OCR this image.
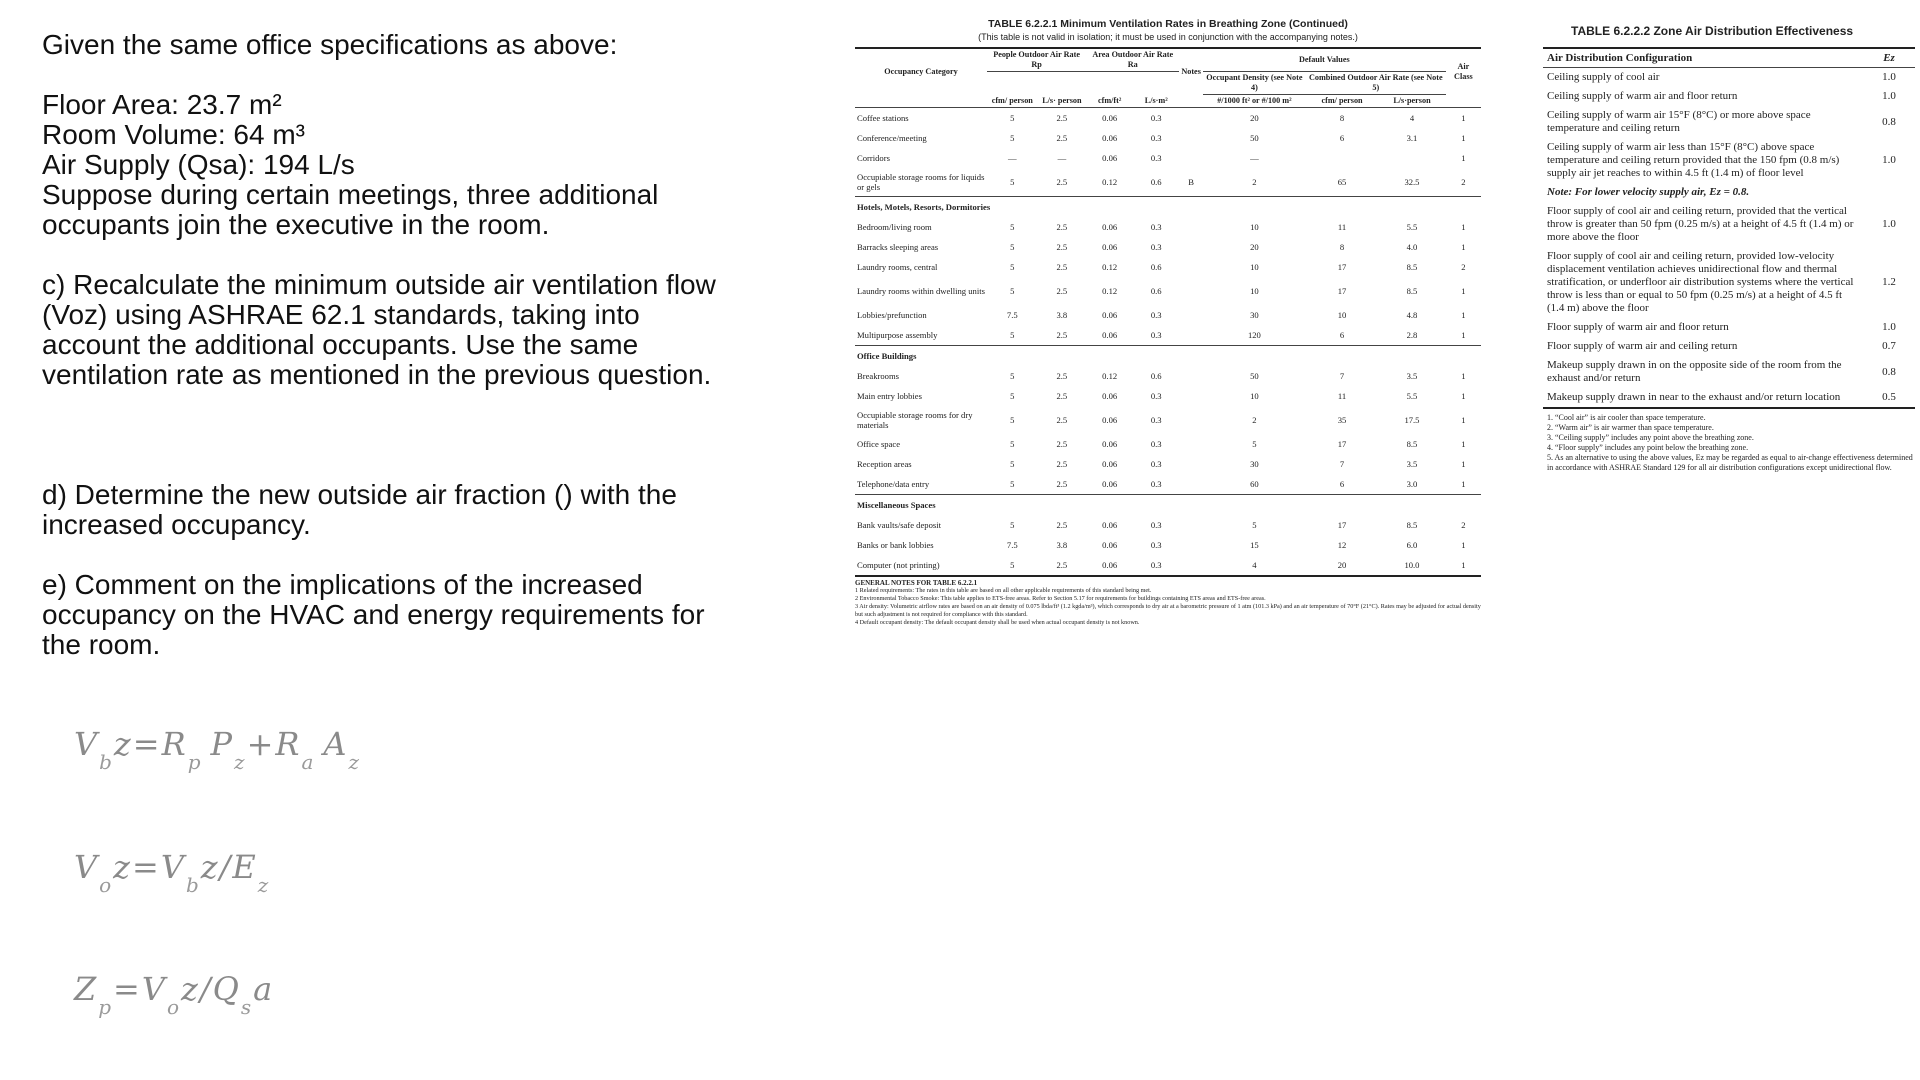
Given the same office specifications as above:

Floor Area: 23.7 m²

Room Volume: 64 m³

Air Supply (Qsa): 194 L/s

Suppose during certain meetings, three additional occupants join the executive in the room.

c) Recalculate the minimum outside air ventilation flow (Voz) using ASHRAE 62.1 standards, taking into account the additional occupants. Use the same ventilation rate as mentioned in the previous question.

d) Determine the new outside air fraction () with the increased occupancy.

e) Comment on the implications of the increased occupancy on the HVAC and energy requirements for the room.

$V_bz=R_p$ $P_z+R_a$ $A_z$
$V_oz=V_bz/E_z$
$Z_p=V_oz/Q_sa$
TABLE 6.2.2.1 Minimum Ventilation Rates in Breathing Zone (Continued)
(This table is not valid in isolation; it must be used in conjunction with the accompanying notes.)
Occupancy Category	People Outdoor Air Rate Rp		Area Outdoor Air Rate Ra		Notes	Default Values			Air Class
						Occupant Density (see Note 4)	Combined Outdoor Air Rate (see Note 5)		
	cfm/ person	L/s· person	cfm/ft²	L/s·m²		#/1000 ft² or #/100 m²	cfm/ person	L/s·person	
Coffee stations	5	2.5	0.06	0.3		20	8	4	1
Conference/meeting	5	2.5	0.06	0.3		50	6	3.1	1
Corridors	—	—	0.06	0.3		—			1
Occupiable storage rooms for liquids or gels	5	2.5	0.12	0.6	B	2	65	32.5	2
Hotels, Motels, Resorts, Dormitories									
Bedroom/living room	5	2.5	0.06	0.3		10	11	5.5	1
Barracks sleeping areas	5	2.5	0.06	0.3		20	8	4.0	1
Laundry rooms, central	5	2.5	0.12	0.6		10	17	8.5	2
Laundry rooms within dwelling units	5	2.5	0.12	0.6		10	17	8.5	1
Lobbies/prefunction	7.5	3.8	0.06	0.3		30	10	4.8	1
Multipurpose assembly	5	2.5	0.06	0.3		120	6	2.8	1
Office Buildings									
Breakrooms	5	2.5	0.12	0.6		50	7	3.5	1
Main entry lobbies	5	2.5	0.06	0.3		10	11	5.5	1
Occupiable storage rooms for dry materials	5	2.5	0.06	0.3		2	35	17.5	1
Office space	5	2.5	0.06	0.3		5	17	8.5	1
Reception areas	5	2.5	0.06	0.3		30	7	3.5	1
Telephone/data entry	5	2.5	0.06	0.3		60	6	3.0	1
Miscellaneous Spaces									
Bank vaults/safe deposit	5	2.5	0.06	0.3		5	17	8.5	2
Banks or bank lobbies	7.5	3.8	0.06	0.3		15	12	6.0	1
Computer (not printing)	5	2.5	0.06	0.3		4	20	10.0	1
GENERAL NOTES FOR TABLE 6.2.2.1
1 Related requirements: The rates in this table are based on all other applicable requirements of this standard being met.
2 Environmental Tobacco Smoke: This table applies to ETS-free areas. Refer to Section 5.17 for requirements for buildings containing ETS areas and ETS-free areas.
3 Air density: Volumetric airflow rates are based on an air density of 0.075 lbda/ft³ (1.2 kgda/m³), which corresponds to dry air at a barometric pressure of 1 atm (101.3 kPa) and an air temperature of 70°F (21°C). Rates may be adjusted for actual density but such adjustment is not required for compliance with this standard.
4 Default occupant density: The default occupant density shall be used when actual occupant density is not known.
TABLE 6.2.2.2 Zone Air Distribution Effectiveness
Air Distribution Configuration	Ez
Ceiling supply of cool air	1.0
Ceiling supply of warm air and floor return	1.0
Ceiling supply of warm air 15°F (8°C) or more above space temperature and ceiling return	0.8
Ceiling supply of warm air less than 15°F (8°C) above space temperature and ceiling return provided that the 150 fpm (0.8 m/s) supply air jet reaches to within 4.5 ft (1.4 m) of floor level	1.0
Note: For lower velocity supply air, Ez = 0.8.	
Floor supply of cool air and ceiling return, provided that the vertical throw is greater than 50 fpm (0.25 m/s) at a height of 4.5 ft (1.4 m) or more above the floor	1.0
Floor supply of cool air and ceiling return, provided low-velocity displacement ventilation achieves unidirectional flow and thermal stratification, or underfloor air distribution systems where the vertical throw is less than or equal to 50 fpm (0.25 m/s) at a height of 4.5 ft (1.4 m) above the floor	1.2
Floor supply of warm air and floor return	1.0
Floor supply of warm air and ceiling return	0.7
Makeup supply drawn in on the opposite side of the room from the exhaust and/or return	0.8
Makeup supply drawn in near to the exhaust and/or return location	0.5
1. “Cool air” is air cooler than space temperature.
2. “Warm air” is air warmer than space temperature.
3. “Ceiling supply” includes any point above the breathing zone.
4. “Floor supply” includes any point below the breathing zone.
5. As an alternative to using the above values, Ez may be regarded as equal to air-change effectiveness determined in accordance with ASHRAE Standard 129 for all air distribution configurations except unidirectional flow.
